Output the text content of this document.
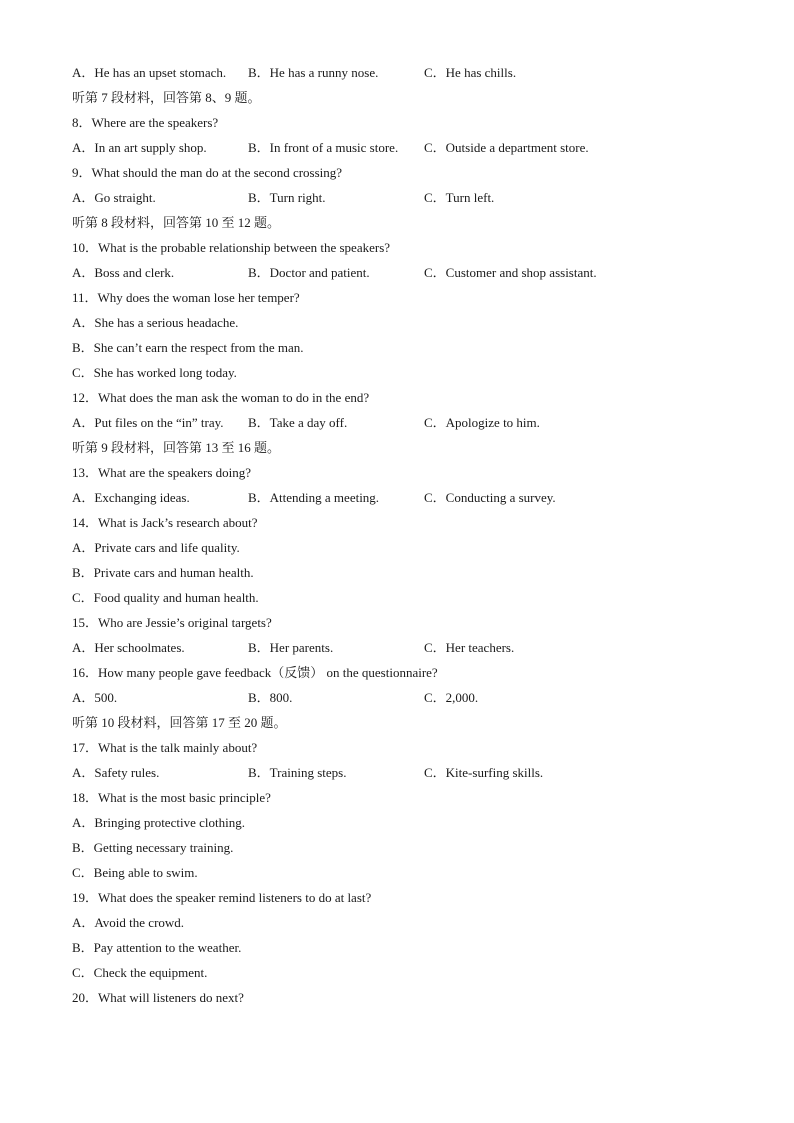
A．He has an upset stomach. B．He has a runny nose.	C．He has chills.
听第 7 段材料，回答第 8、9 题。
8．Where are the speakers?
A．In an art supply shop.	B．In front of a music store. C．Outside a department store.
9．What should the man do at the second crossing?
A．Go straight.	B．Turn right.	C．Turn left.
听第 8 段材料，回答第 10 至 12 题。
10．What is the probable relationship between the speakers?
A．Boss and clerk.	B．Doctor and patient.	C．Customer and shop assistant.
11．Why does the woman lose her temper?
A．She has a serious headache.
B．She can’t earn the respect from the man.
C．She has worked long today.
12．What does the man ask the woman to do in the end?
A．Put files on the “in” tray. B．Take a day off.	C．Apologize to him.
听第 9 段材料，回答第 13 至 16 题。
13．What are the speakers doing?
A．Exchanging ideas.	B．Attending a meeting.	C．Conducting a survey.
14．What is Jack’s research about?
A．Private cars and life quality.
B．Private cars and human health.
C．Food quality and human health.
15．Who are Jessie’s original targets?
A．Her schoolmates.	B．Her parents.	C．Her teachers.
16．How many people gave feedback（反馈） on the questionnaire?
A．500.	B．800.	C．2,000.
听第 10 段材料，回答第 17 至 20 题。
17．What is the talk mainly about?
A．Safety rules.	B．Training steps.	C．Kite-surfing skills.
18．What is the most basic principle?
A．Bringing protective clothing.
B．Getting necessary training.
C．Being able to swim.
19．What does the speaker remind listeners to do at last?
A．Avoid the crowd.
B．Pay attention to the weather.
C．Check the equipment.
20．What will listeners do next?
